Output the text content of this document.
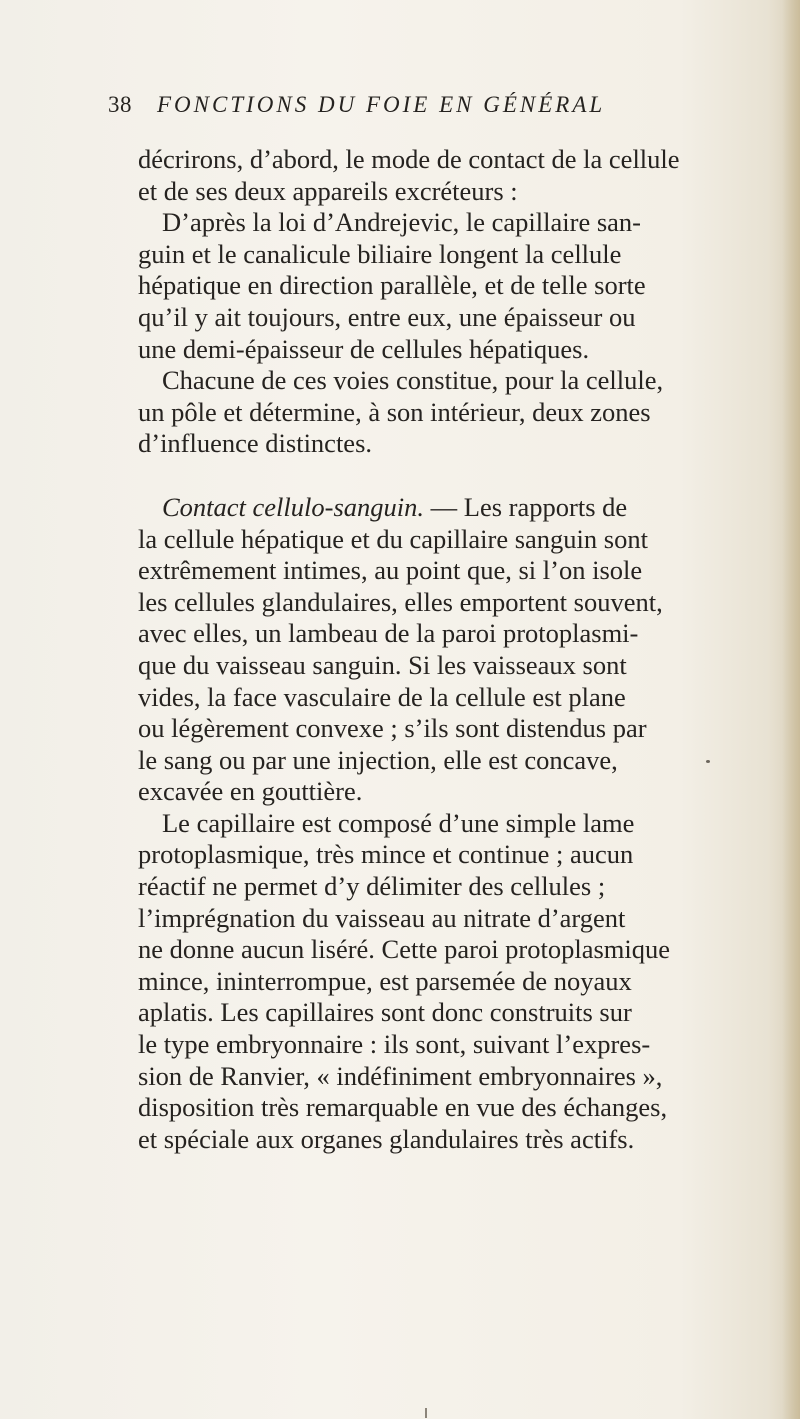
38 FONCTIONS DU FOIE EN GÉNÉRAL
décrirons, d’abord, le mode de contact de la cellule
et de ses deux appareils excréteurs :
D’après la loi d’Andrejevic, le capillaire san-
guin et le canalicule biliaire longent la cellule
hépatique en direction parallèle, et de telle sorte
qu’il y ait toujours, entre eux, une épaisseur ou
une demi-épaisseur de cellules hépatiques.
Chacune de ces voies constitue, pour la cellule,
un pôle et détermine, à son intérieur, deux zones
d’influence distinctes.
Contact cellulo-sanguin. — Les rapports de
la cellule hépatique et du capillaire sanguin sont
extrêmement intimes, au point que, si l’on isole
les cellules glandulaires, elles emportent souvent,
avec elles, un lambeau de la paroi protoplasmi-
que du vaisseau sanguin. Si les vaisseaux sont
vides, la face vasculaire de la cellule est plane
ou légèrement convexe ; s’ils sont distendus par
le sang ou par une injection, elle est concave,
excavée en gouttière.
Le capillaire est composé d’une simple lame
protoplasmique, très mince et continue ; aucun
réactif ne permet d’y délimiter des cellules ;
l’imprégnation du vaisseau au nitrate d’argent
ne donne aucun liséré. Cette paroi protoplasmique
mince, ininterrompue, est parsemée de noyaux
aplatis. Les capillaires sont donc construits sur
le type embryonnaire : ils sont, suivant l’expres-
sion de Ranvier, « indéfiniment embryonnaires »,
disposition très remarquable en vue des échanges,
et spéciale aux organes glandulaires très actifs.
